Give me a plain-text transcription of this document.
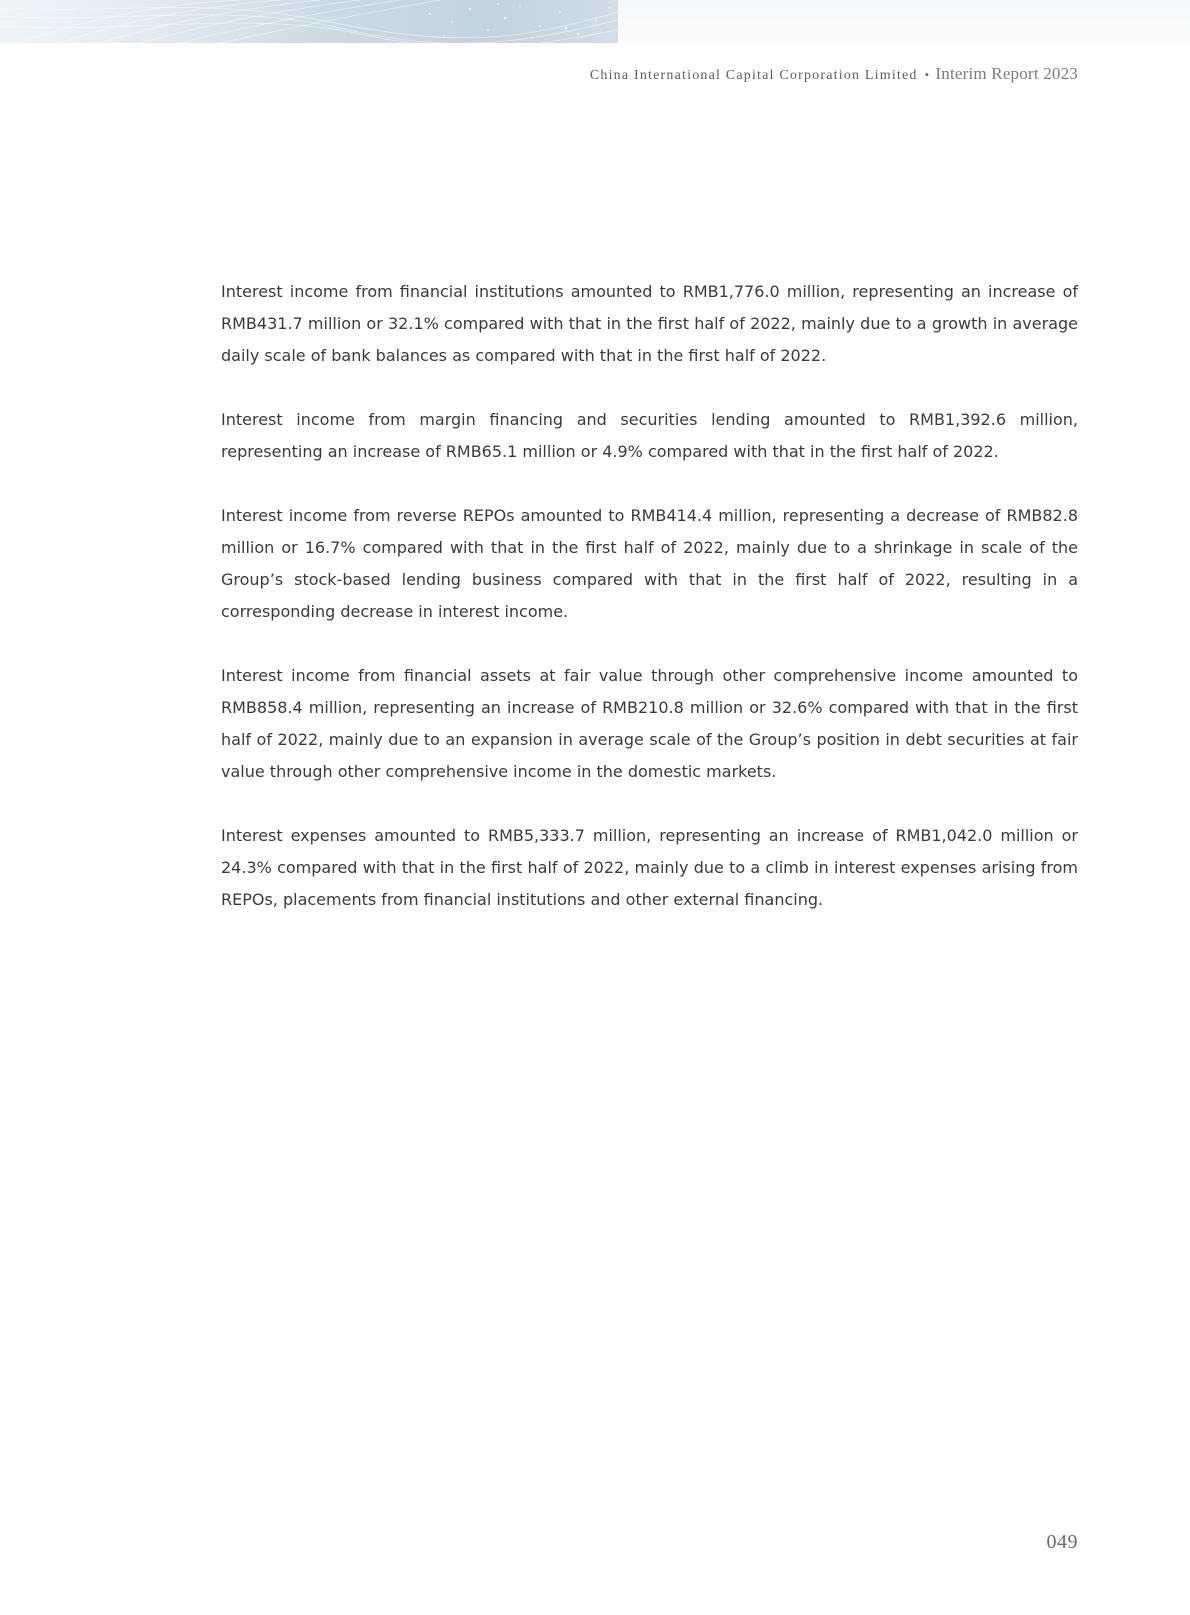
China International Capital Corporation Limited • Interim Report 2023

Interest income from financial institutions amounted to RMB1,776.0 million, representing an increase of RMB431.7 million or 32.1% compared with that in the first half of 2022, mainly due to a growth in average daily scale of bank balances as compared with that in the first half of 2022.

Interest income from margin financing and securities lending amounted to RMB1,392.6 million, representing an increase of RMB65.1 million or 4.9% compared with that in the first half of 2022.

Interest income from reverse REPOs amounted to RMB414.4 million, representing a decrease of RMB82.8 million or 16.7% compared with that in the first half of 2022, mainly due to a shrinkage in scale of the Group’s stock-based lending business compared with that in the first half of 2022, resulting in a corresponding decrease in interest income.

Interest income from financial assets at fair value through other comprehensive income amounted to RMB858.4 million, representing an increase of RMB210.8 million or 32.6% compared with that in the first half of 2022, mainly due to an expansion in average scale of the Group’s position in debt securities at fair value through other comprehensive income in the domestic markets.

Interest expenses amounted to RMB5,333.7 million, representing an increase of RMB1,042.0 million or 24.3% compared with that in the first half of 2022, mainly due to a climb in interest expenses arising from REPOs, placements from financial institutions and other external financing.

049
